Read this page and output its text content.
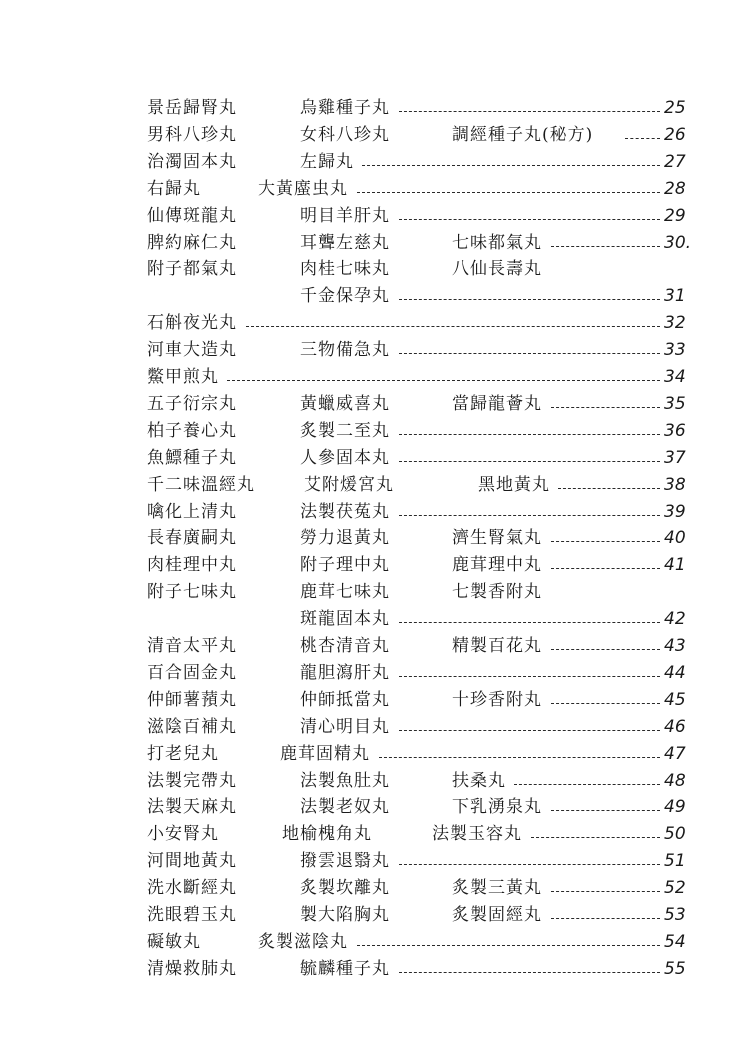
景岳歸腎丸	烏雞種子丸	25
男科八珍丸	女科八珍丸	調經種子丸(秘方)	26
治濁固本丸	左歸丸	27
右歸丸	大黃䗪虫丸	28
仙傳斑龍丸	明目羊肝丸	29
脾約麻仁丸	耳聾左慈丸	七味都氣丸	30.
附子都氣丸	肉桂七味丸	八仙長壽丸
千金保孕丸	31
石斛夜光丸	32
河車大造丸	三物備急丸	33
鱉甲煎丸	34
五子衍宗丸	黃蠟威喜丸	當歸龍薈丸	35
柏子養心丸	炙製二至丸	36
魚鰾種子丸	人參固本丸	37
千二味溫經丸	艾附煖宮丸	黑地黃丸	38
噙化上清丸	法製茯菟丸	39
長春廣嗣丸	勞力退黃丸	濟生腎氣丸	40
肉桂理中丸	附子理中丸	鹿茸理中丸	41
附子七味丸	鹿茸七味丸	七製香附丸
斑龍固本丸	42
清音太平丸	桃杏清音丸	精製百花丸	43
百合固金丸	龍胆瀉肝丸	44
仲師薯蕷丸	仲師抵當丸	十珍香附丸	45
滋陰百補丸	清心明目丸	46
打老兒丸	鹿茸固精丸	47
法製完帶丸	法製魚肚丸	扶桑丸	48
法製天麻丸	法製老奴丸	下乳湧泉丸	49
小安腎丸	地榆槐角丸	法製玉容丸	50
河間地黃丸	撥雲退翳丸	51
洗水斷經丸	炙製坎離丸	炙製三黃丸	52
洗眼碧玉丸	製大陷胸丸	炙製固經丸	53
礙敏丸	炙製滋陰丸	54
清燥救肺丸	毓麟種子丸	55
